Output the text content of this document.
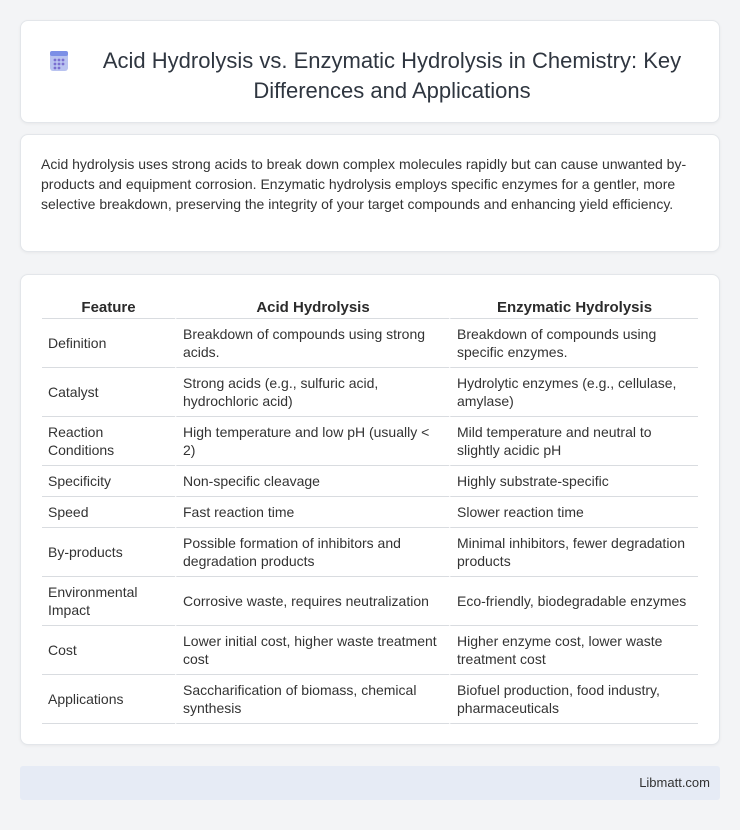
Acid Hydrolysis vs. Enzymatic Hydrolysis in Chemistry: Key Differences and Applications

Acid hydrolysis uses strong acids to break down complex molecules rapidly but can cause unwanted by-products and equipment corrosion. Enzymatic hydrolysis employs specific enzymes for a gentler, more selective breakdown, preserving the integrity of your target compounds and enhancing yield efficiency.

Feature	Acid Hydrolysis	Enzymatic Hydrolysis
Definition	Breakdown of compounds using strong acids.	Breakdown of compounds using specific enzymes.
Catalyst	Strong acids (e.g., sulfuric acid, hydrochloric acid)	Hydrolytic enzymes (e.g., cellulase, amylase)
Reaction Conditions	High temperature and low pH (usually < 2)	Mild temperature and neutral to slightly acidic pH
Specificity	Non-specific cleavage	Highly substrate-specific
Speed	Fast reaction time	Slower reaction time
By-products	Possible formation of inhibitors and degradation products	Minimal inhibitors, fewer degradation products
Environmental Impact	Corrosive waste, requires neutralization	Eco-friendly, biodegradable enzymes
Cost	Lower initial cost, higher waste treatment cost	Higher enzyme cost, lower waste treatment cost
Applications	Saccharification of biomass, chemical synthesis	Biofuel production, food industry, pharmaceuticals
Libmatt.com
